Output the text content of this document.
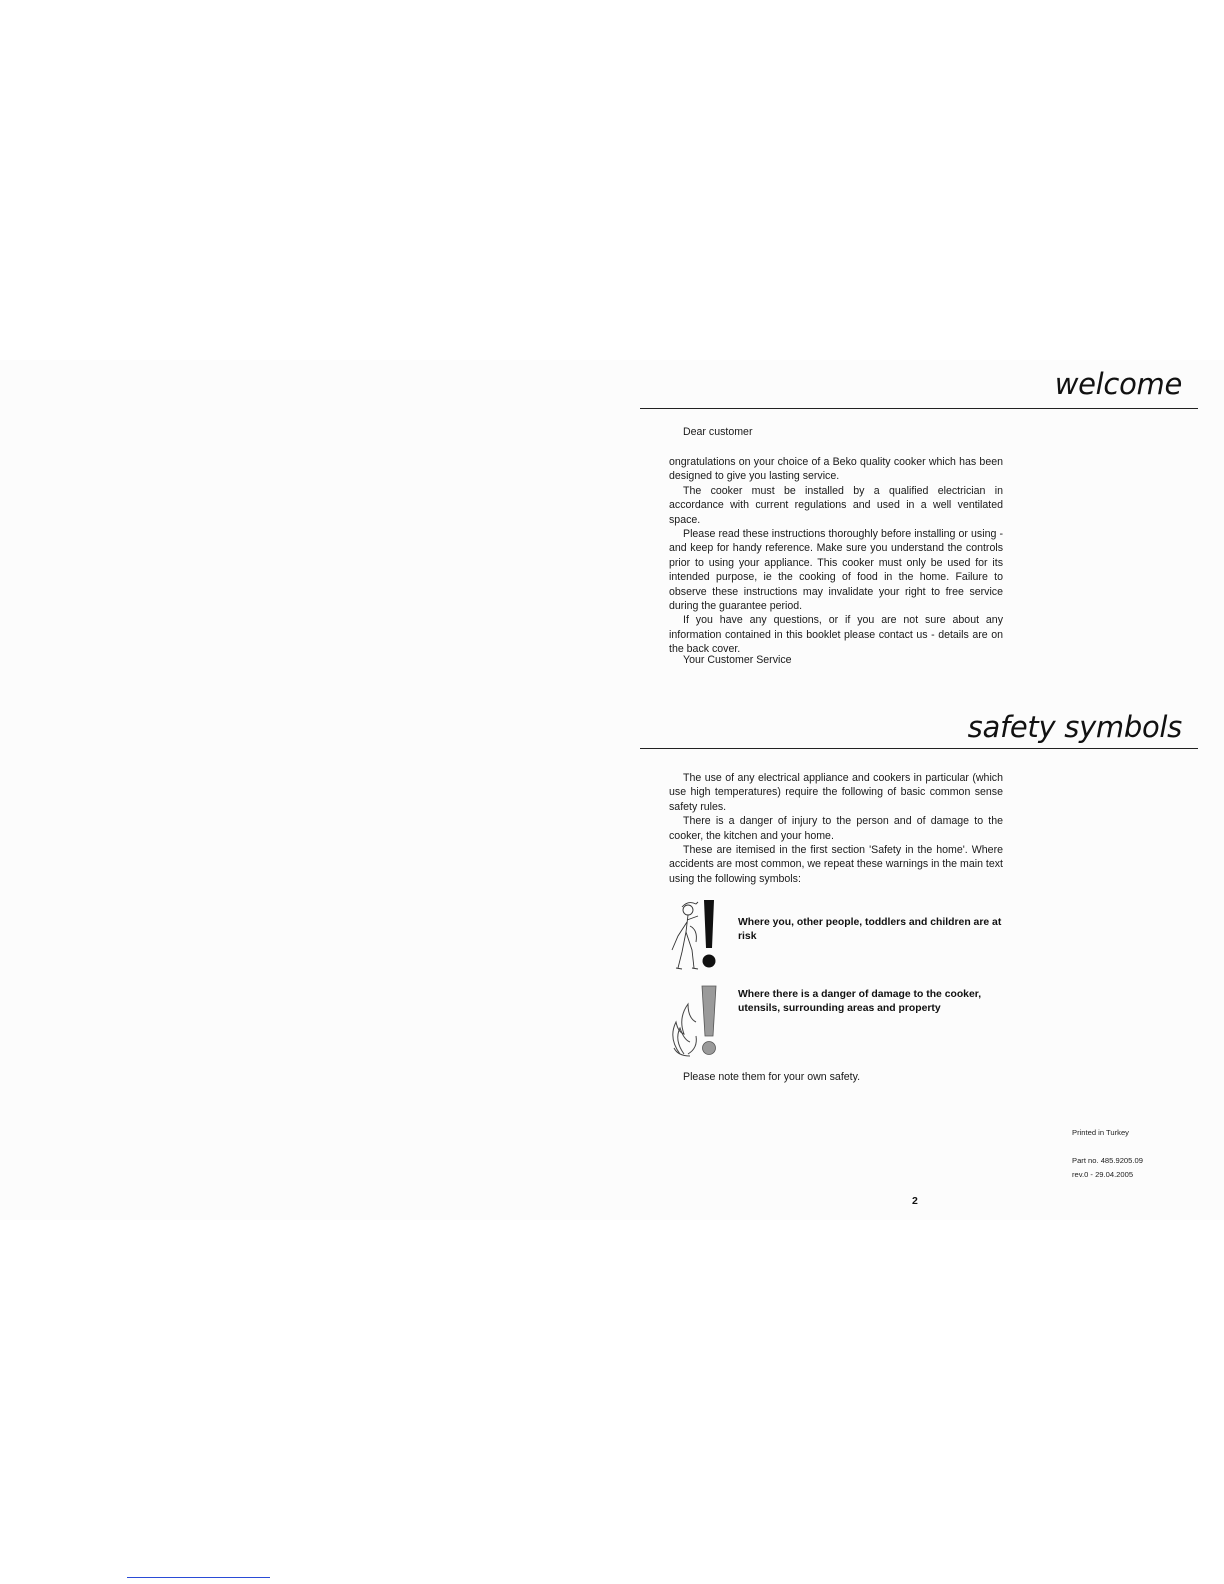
welcome
Dear customer

ongratulations on your choice of a Beko quality cooker which has been designed to give you lasting service.

The cooker must be installed by a qualified electrician in accordance with current regulations and used in a well ventilated space.

Please read these instructions thoroughly before installing or using - and keep for handy reference. Make sure you understand the controls prior to using your appliance. This cooker must only be used for its intended purpose, ie the cooking of food in the home. Failure to observe these instructions may invalidate your right to free service during the guarantee period.

If you have any questions, or if you are not sure about any information contained in this booklet please contact us - details are on the back cover.

Your Customer Service
safety symbols

The use of any electrical appliance and cookers in particular (which use high temperatures) require the following of basic common sense safety rules.

There is a danger of injury to the person and of damage to the cooker, the kitchen and your home.

These are itemised in the first section 'Safety in the home'. Where accidents are most common, we repeat these warnings in the main text using the following symbols:

Where you, other people, toddlers and children are at risk
Where there is a danger of damage to the cooker, utensils, surrounding areas and property
Please note them for your own safety.
Printed in Turkey
Part no. 485.9205.09
rev.0 - 29.04.2005
2
